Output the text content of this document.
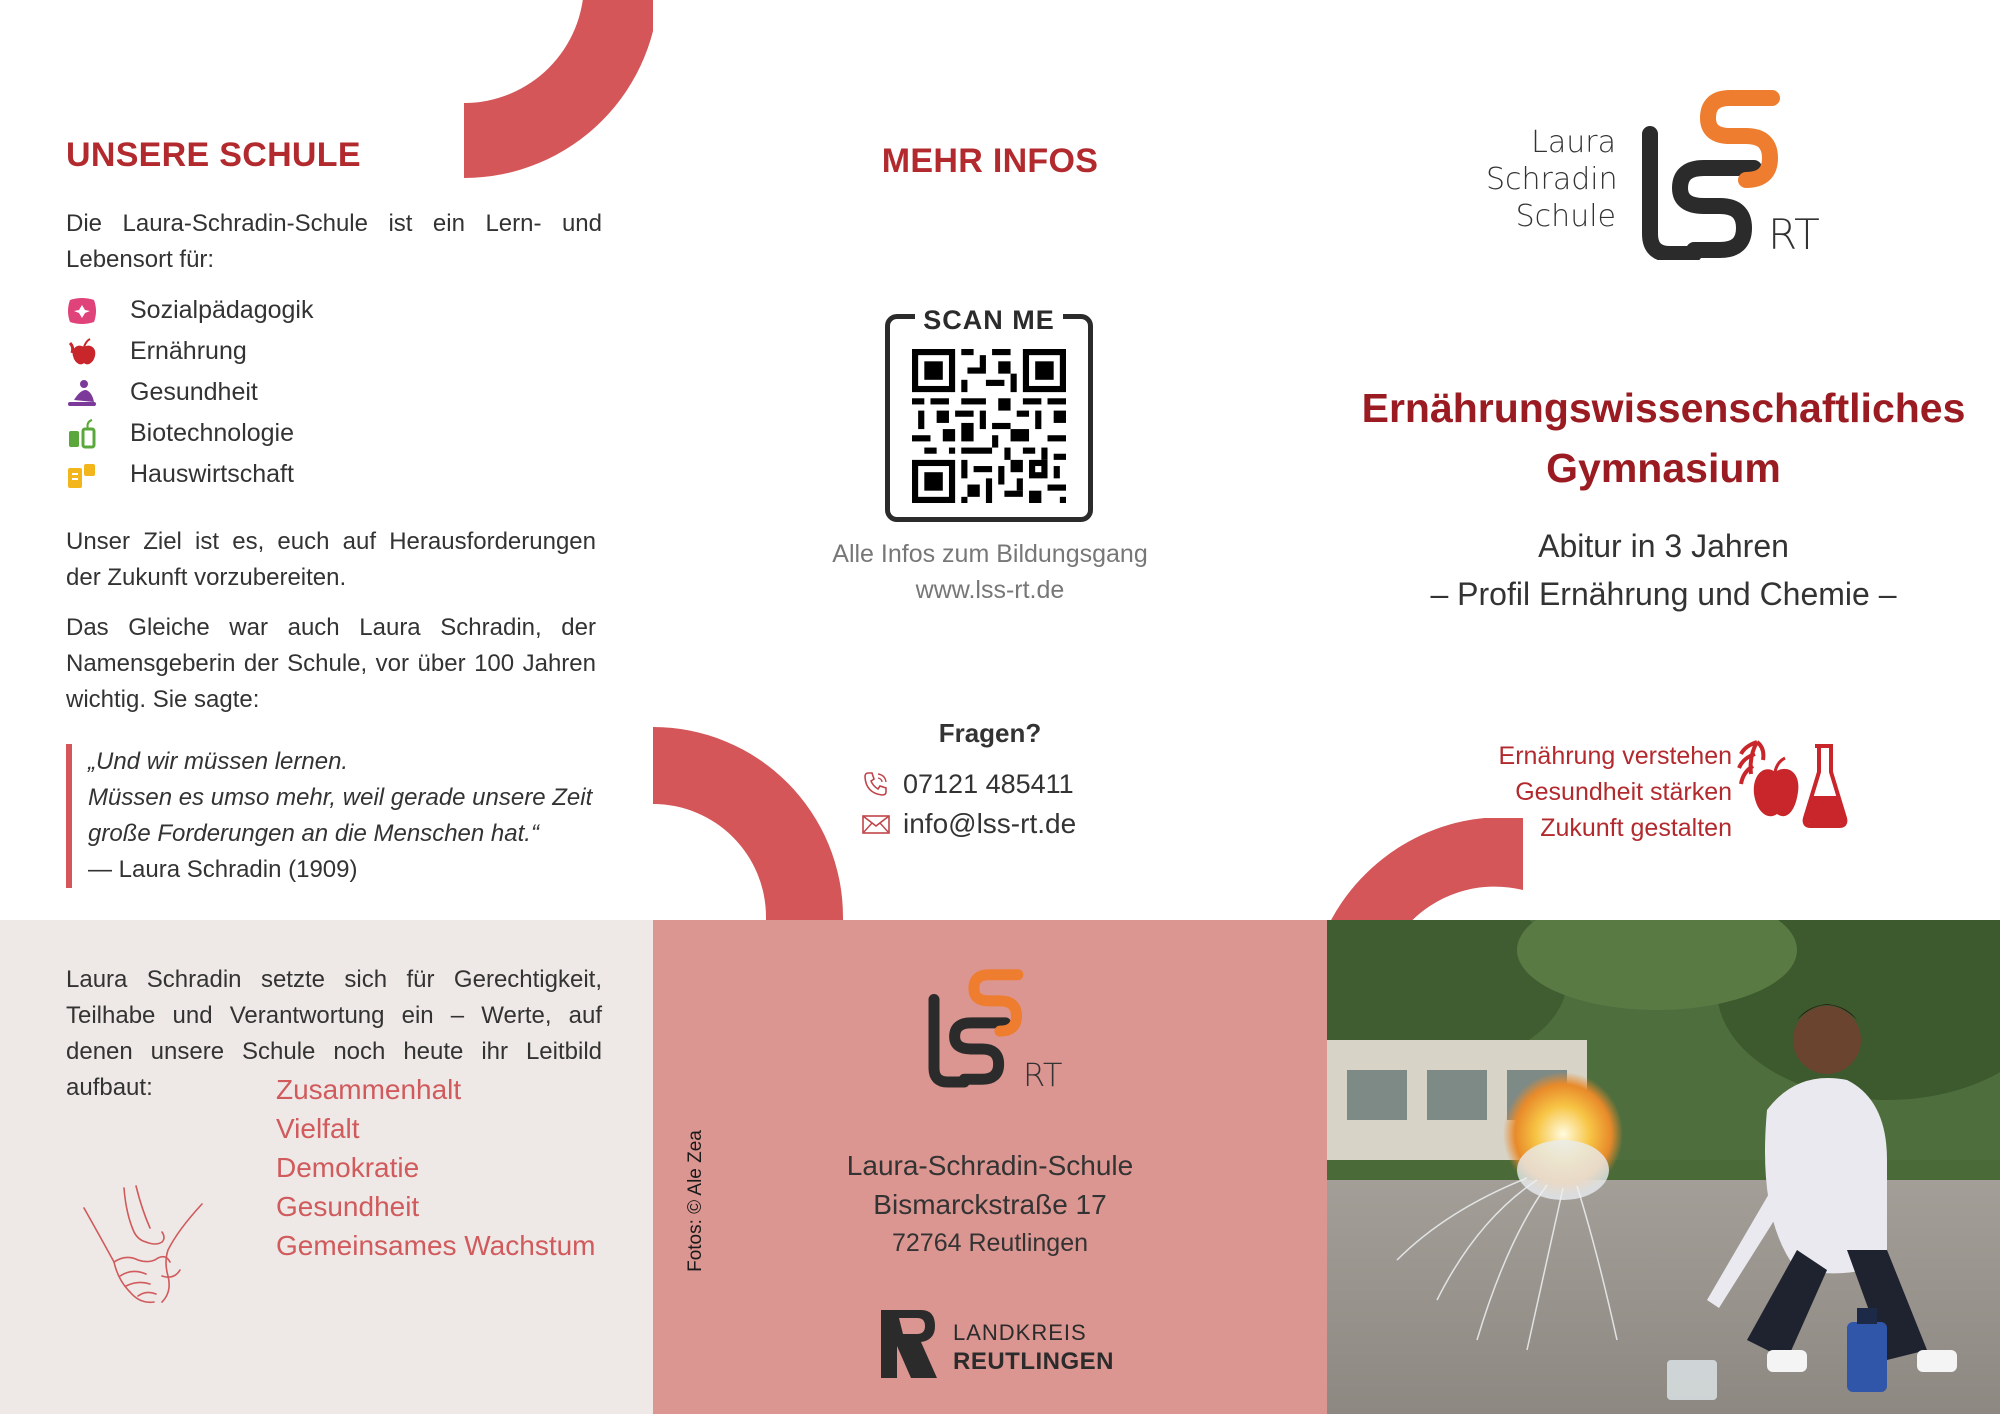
UNSERE SCHULE

Die Laura-Schradin-Schule ist ein Lern- und Lebensort für:

Sozialpädagogik
Ernährung
Gesundheit
Biotechnologie
Hauswirtschaft

Unser Ziel ist es, euch auf Herausforderungen der Zukunft vorzubereiten.

Das Gleiche war auch Laura Schradin, der Namensgeberin der Schule, vor über 100 Jahren wichtig. Sie sagte:

„Und wir müssen lernen.
Müssen es umso mehr, weil gerade unsere Zeit
große Forderungen an die Menschen hat.“
— Laura Schradin (1909)
MEHR INFOS
SCAN ME
Alle Infos zum Bildungsgang
www.lss-rt.de
Fragen?
07121 485411
info@lss-rt.de
Ernährungswissenschaftliches
Gymnasium
Abitur in 3 Jahren
– Profil Ernährung und Chemie –
Ernährung verstehen
Gesundheit stärken
Zukunft gestalten
Laura
Schradin
Schule	RT

Laura Schradin setzte sich für Gerechtigkeit, Teilhabe und Verantwortung ein – Werte, auf denen unsere Schule noch heute ihr Leitbild aufbaut:	Zusammenhalt
Vielfalt
Demokratie
Gesundheit
Gemeinsames Wachstum	Fotos: © Ale Zea
RT
Laura-Schradin-Schule
Bismarckstraße 17
72764 Reutlingen
LANDKREIS
REUTLINGEN
